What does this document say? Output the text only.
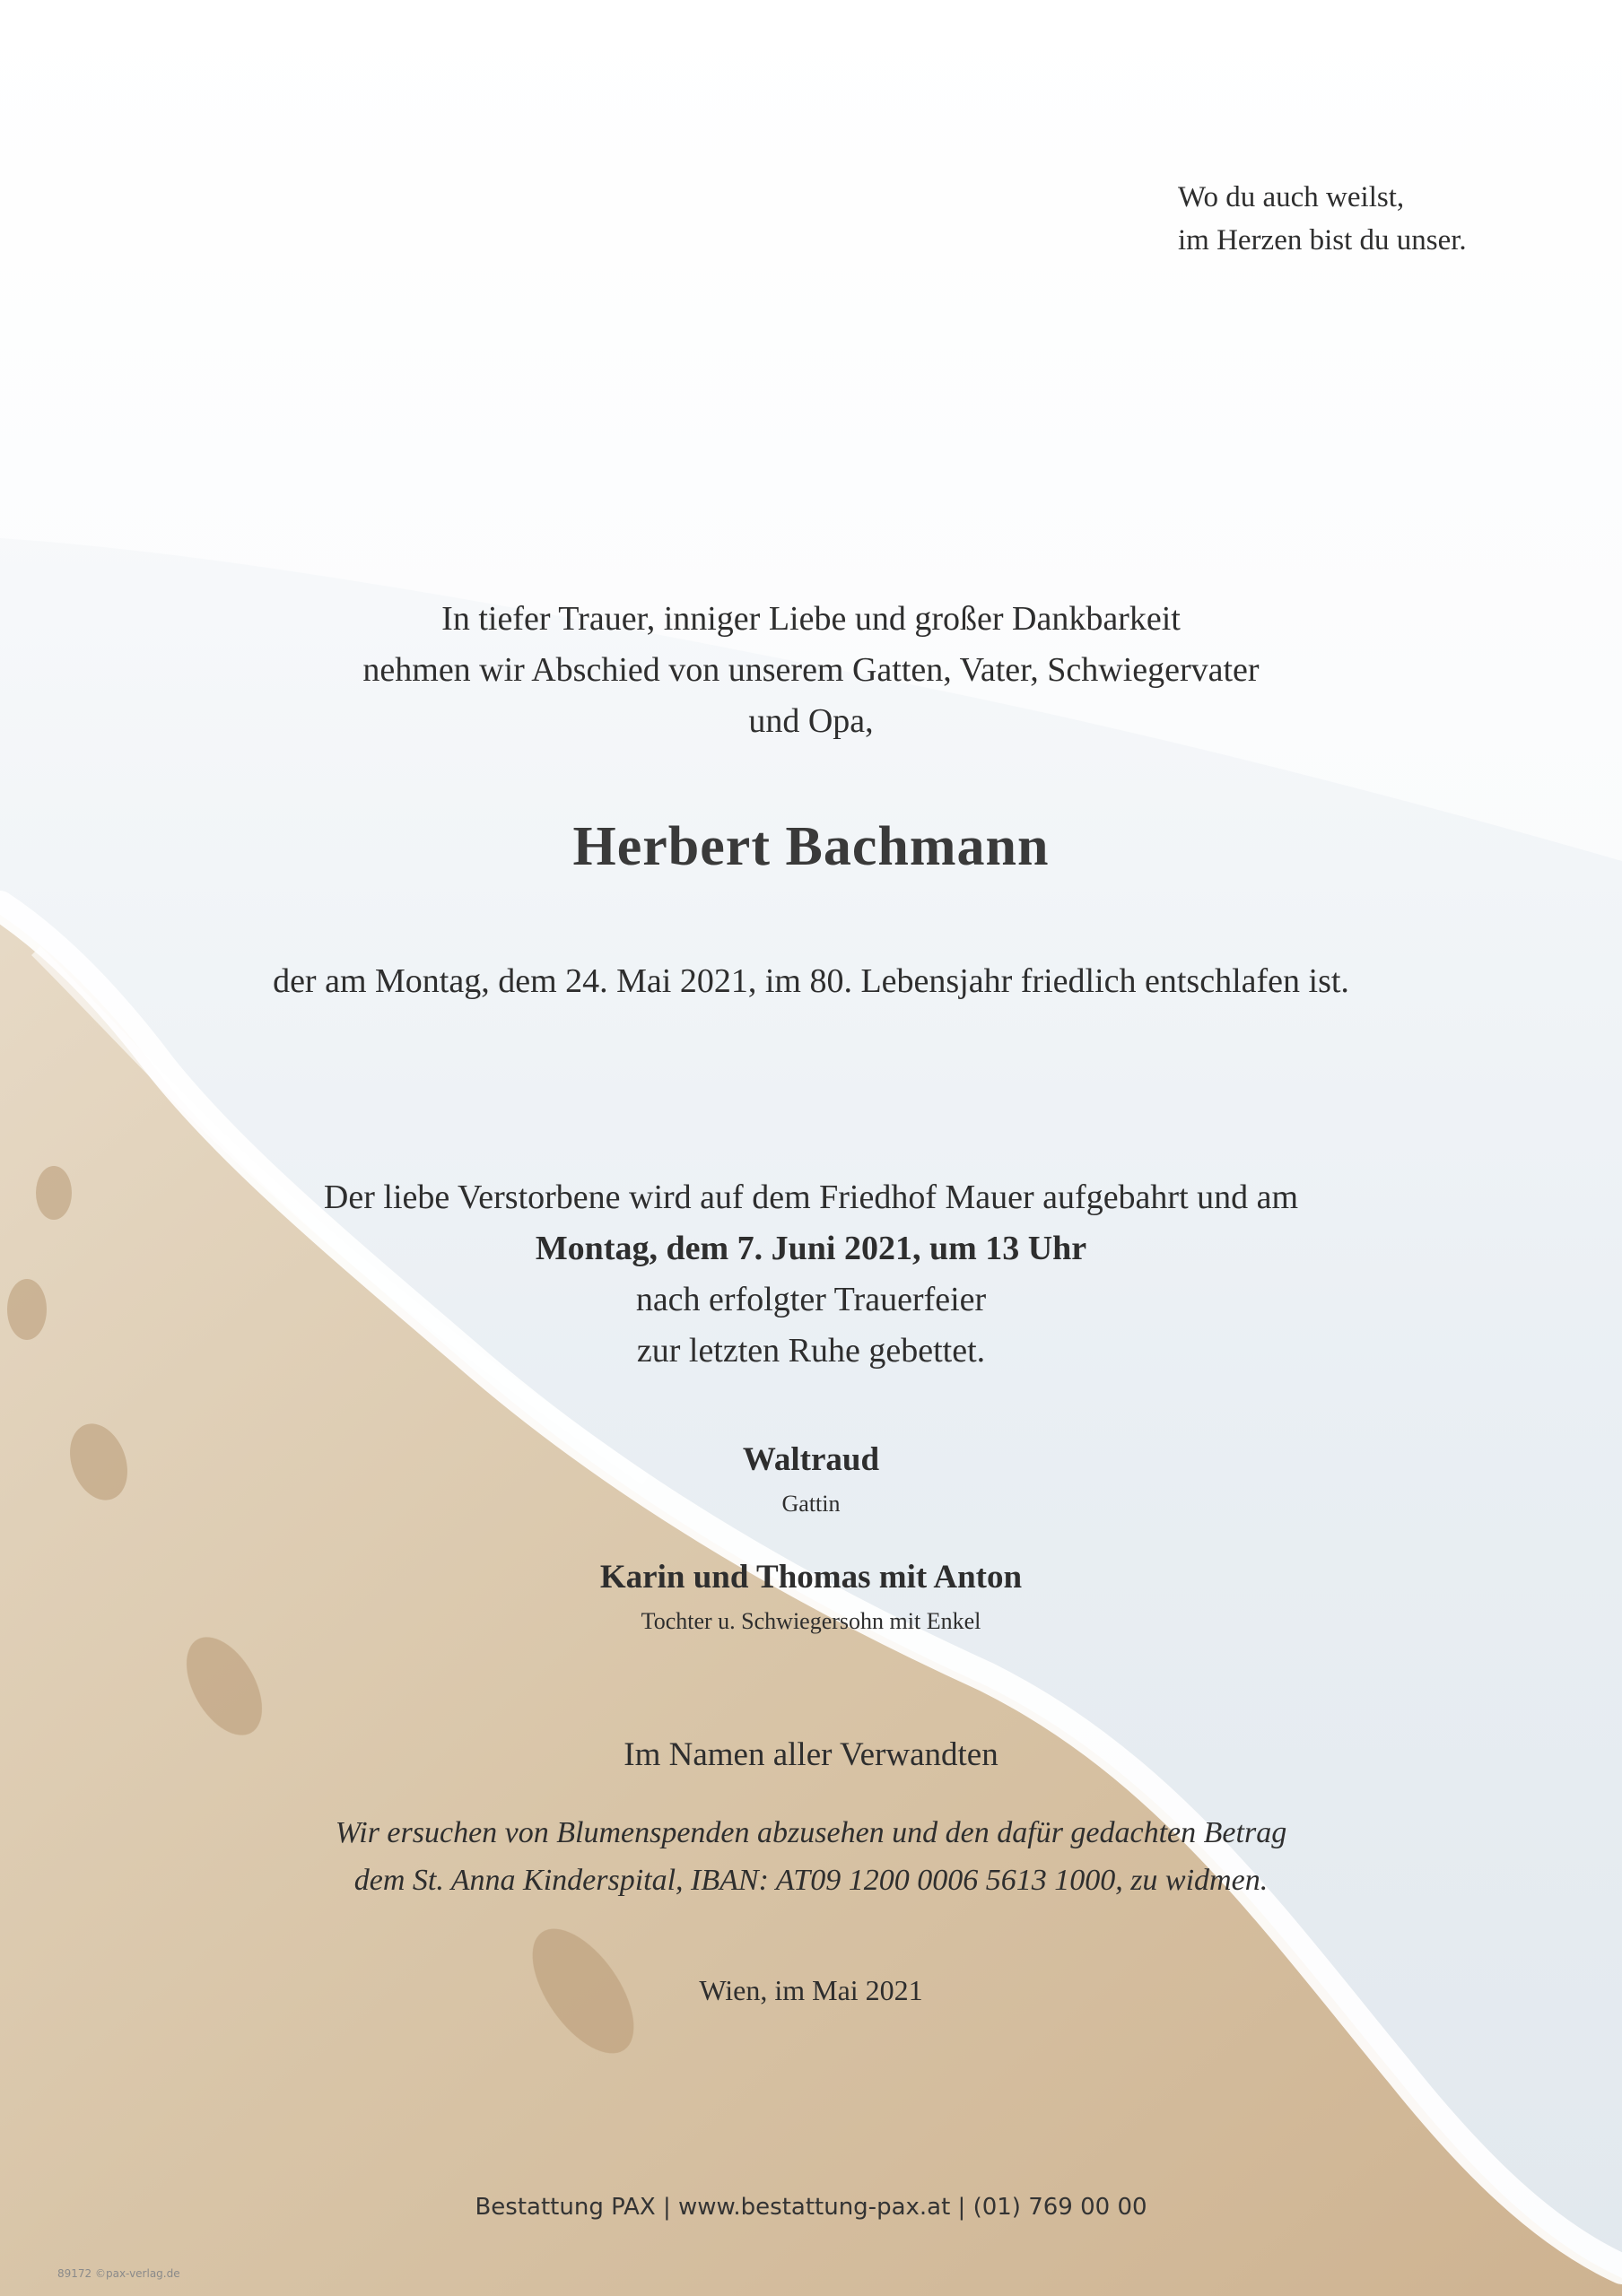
Wo du auch weilst,
im Herzen bist du unser.
In tiefer Trauer, inniger Liebe und großer Dankbarkeit
nehmen wir Abschied von unserem Gatten, Vater, Schwiegervater
und Opa,
Herbert Bachmann
der am Montag, dem 24. Mai 2021, im 80. Lebensjahr friedlich entschlafen ist.
Der liebe Verstorbene wird auf dem Friedhof Mauer aufgebahrt und am
Montag, dem 7. Juni 2021, um 13 Uhr
nach erfolgter Trauerfeier
zur letzten Ruhe gebettet.
Waltraud
Gattin
Karin und Thomas mit Anton
Tochter u. Schwiegersohn mit Enkel
Im Namen aller Verwandten
Wir ersuchen von Blumenspenden abzusehen und den dafür gedachten Betrag
dem St. Anna Kinderspital, IBAN: AT09 1200 0006 5613 1000, zu widmen.
Wien, im Mai 2021
Bestattung PAX | www.bestattung-pax.at | (01) 769 00 00
89172 ©pax-verlag.de
